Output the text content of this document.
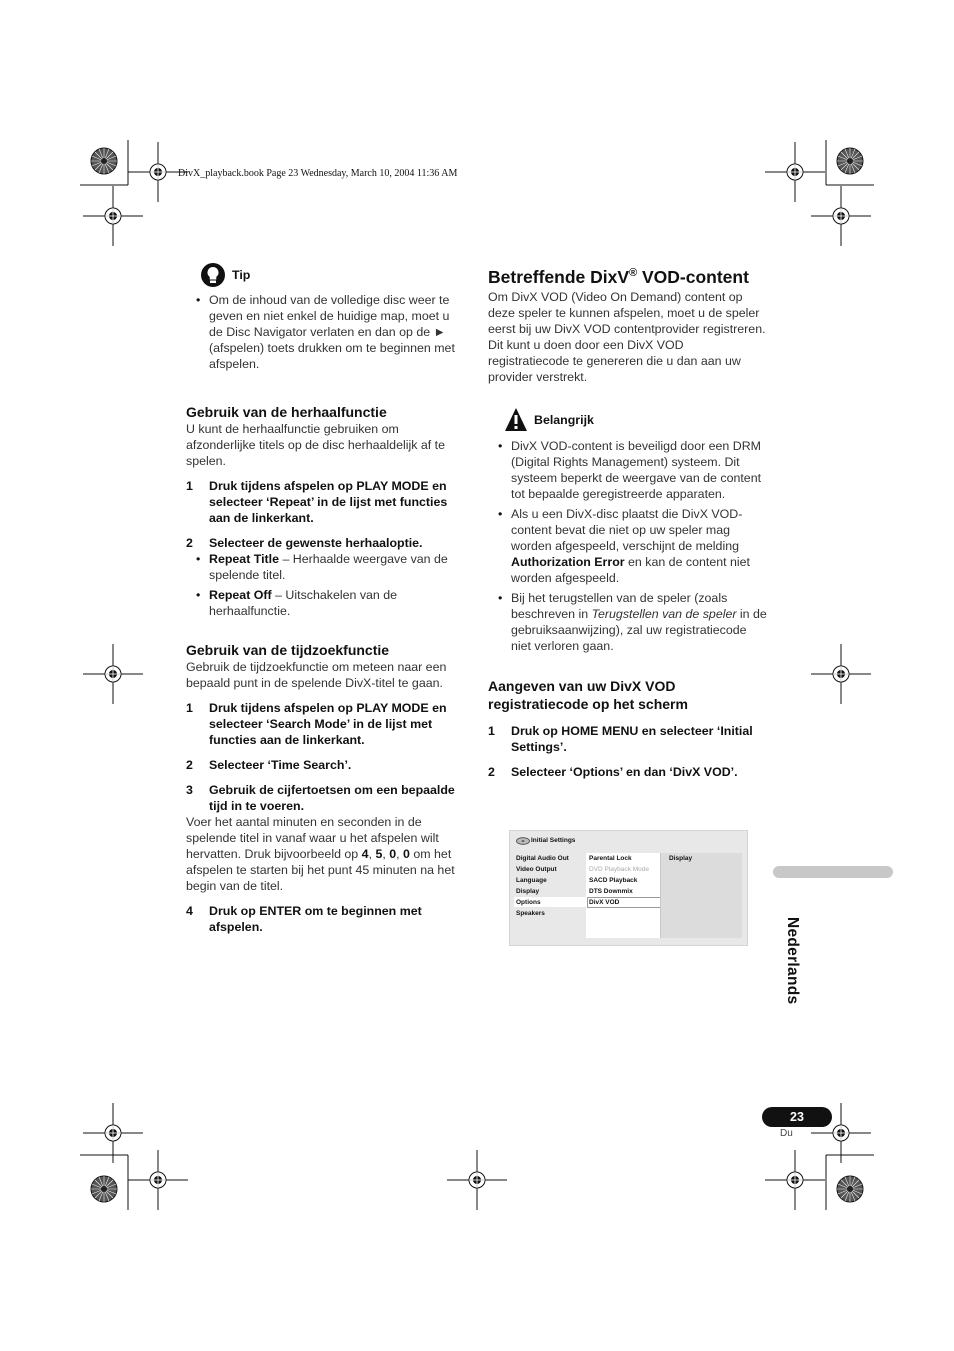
DivX_playback.book Page 23 Wednesday, March 10, 2004 11:36 AM
Tip
• Om de inhoud van de volledige disc weer te geven en niet enkel de huidige map, moet u de Disc Navigator verlaten en dan op de ► (afspelen) toets drukken om te beginnen met afspelen.

Gebruik van de herhaalfunctie

U kunt de herhaalfunctie gebruiken om afzonderlijke titels op de disc herhaaldelijk af te spelen.

1	Druk tijdens afspelen op PLAY MODE en selecteer ‘Repeat’ in de lijst met functies aan de linkerkant.
2	Selecteer de gewenste herhaaloptie.
• Repeat Title – Herhaalde weergave van de spelende titel.
• Repeat Off – Uitschakelen van de herhaalfunctie.

Gebruik van de tijdzoekfunctie

Gebruik de tijdzoekfunctie om meteen naar een bepaald punt in de spelende DivX-titel te gaan.

1	Druk tijdens afspelen op PLAY MODE en selecteer ‘Search Mode’ in de lijst met functies aan de linkerkant.
2	Selecteer ‘Time Search’.
3	Gebruik de cijfertoetsen om een bepaalde tijd in te voeren.

Voer het aantal minuten en seconden in de spelende titel in vanaf waar u het afspelen wilt hervatten. Druk bijvoorbeeld op 4, 5, 0, 0 om het afspelen te starten bij het punt 45 minuten na het begin van de titel.

4	Druk op ENTER om te beginnen met afspelen.

Betreffende DixV® VOD-content

Om DivX VOD (Video On Demand) content op deze speler te kunnen afspelen, moet u de speler eerst bij uw DivX VOD contentprovider registreren. Dit kunt u doen door een DivX VOD registratiecode te genereren die u dan aan uw provider verstrekt.

Belangrijk
• DivX VOD-content is beveiligd door een DRM (Digital Rights Management) systeem. Dit systeem beperkt de weergave van de content tot bepaalde geregistreerde apparaten.
• Als u een DivX-disc plaatst die DivX VOD-content bevat die niet op uw speler mag worden afgespeeld, verschijnt de melding Authorization Error en kan de content niet worden afgespeeld.
• Bij het terugstellen van de speler (zoals beschreven in Terugstellen van de speler in de gebruiksaanwijzing), zal uw registratiecode niet verloren gaan.

Aangeven van uw DivX VOD registratiecode op het scherm

1	Druk op HOME MENU en selecteer ‘Initial Settings’.
2	Selecteer ‘Options’ en dan ‘DivX VOD’.
Initial Settings
Digital Audio Out
Video Output
Language
Display
Options
Speakers
Parental Lock
DVD Playback Mode
SACD Playback
DTS Downmix
DivX VOD
Display
Nederlands
23
Du
